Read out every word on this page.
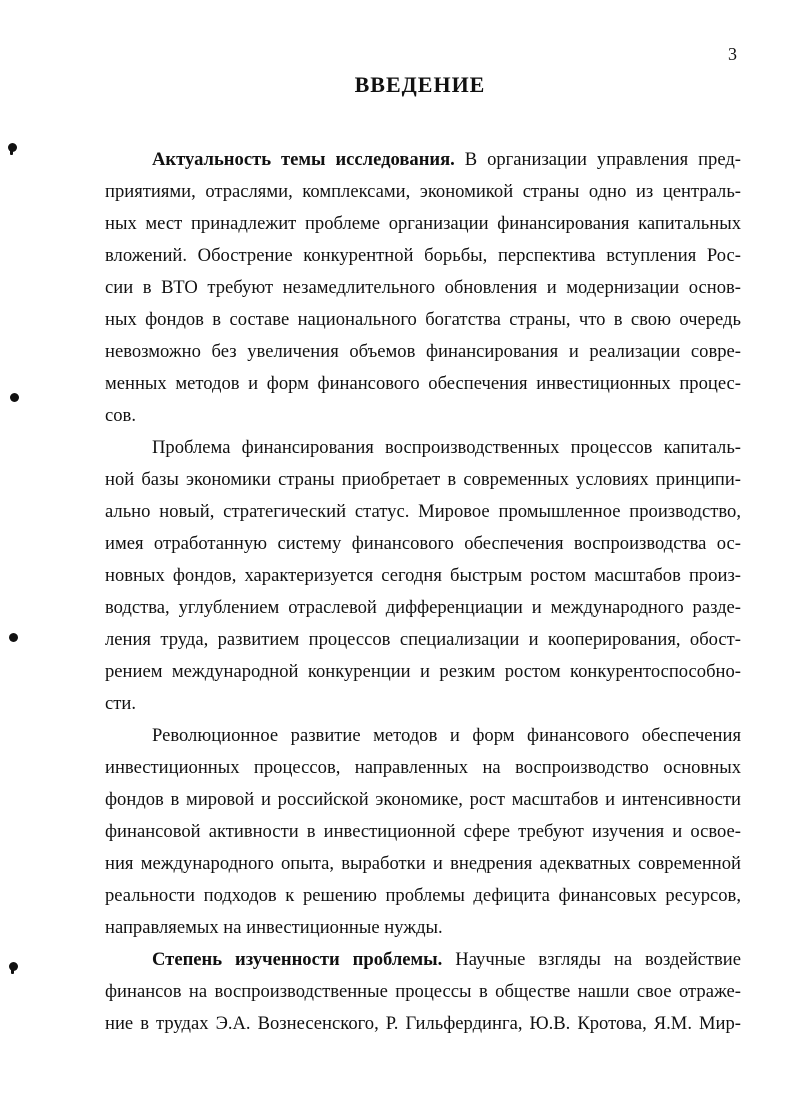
3
ВВЕДЕНИЕ
Актуальность темы исследования. В организации управления пред-
приятиями, отраслями, комплексами, экономикой страны одно из централь-
ных мест принадлежит проблеме организации финансирования капитальных
вложений. Обострение конкурентной борьбы, перспектива вступления Рос-
сии в ВТО требуют незамедлительного обновления и модернизации основ-
ных фондов в составе национального богатства страны, что в свою очередь
невозможно без увеличения объемов финансирования и реализации совре-
менных методов и форм финансового обеспечения инвестиционных процес-
сов.
Проблема финансирования воспроизводственных процессов капиталь-
ной базы экономики страны приобретает в современных условиях принципи-
ально новый, стратегический статус. Мировое промышленное производство,
имея отработанную систему финансового обеспечения воспроизводства ос-
новных фондов, характеризуется сегодня быстрым ростом масштабов произ-
водства, углублением отраслевой дифференциации и международного разде-
ления труда, развитием процессов специализации и кооперирования, обост-
рением международной конкуренции и резким ростом конкурентоспособно-
сти.
Революционное развитие методов и форм финансового обеспечения
инвестиционных процессов, направленных на воспроизводство основных
фондов в мировой и российской экономике, рост масштабов и интенсивности
финансовой активности в инвестиционной сфере требуют изучения и освое-
ния международного опыта, выработки и внедрения адекватных современной
реальности подходов к решению проблемы дефицита финансовых ресурсов,
направляемых на инвестиционные нужды.
Степень изученности проблемы. Научные взгляды на воздействие
финансов на воспроизводственные процессы в обществе нашли свое отраже-
ние в трудах Э.А. Вознесенского, Р. Гильфердинга, Ю.В. Кротова, Я.М. Мир-
